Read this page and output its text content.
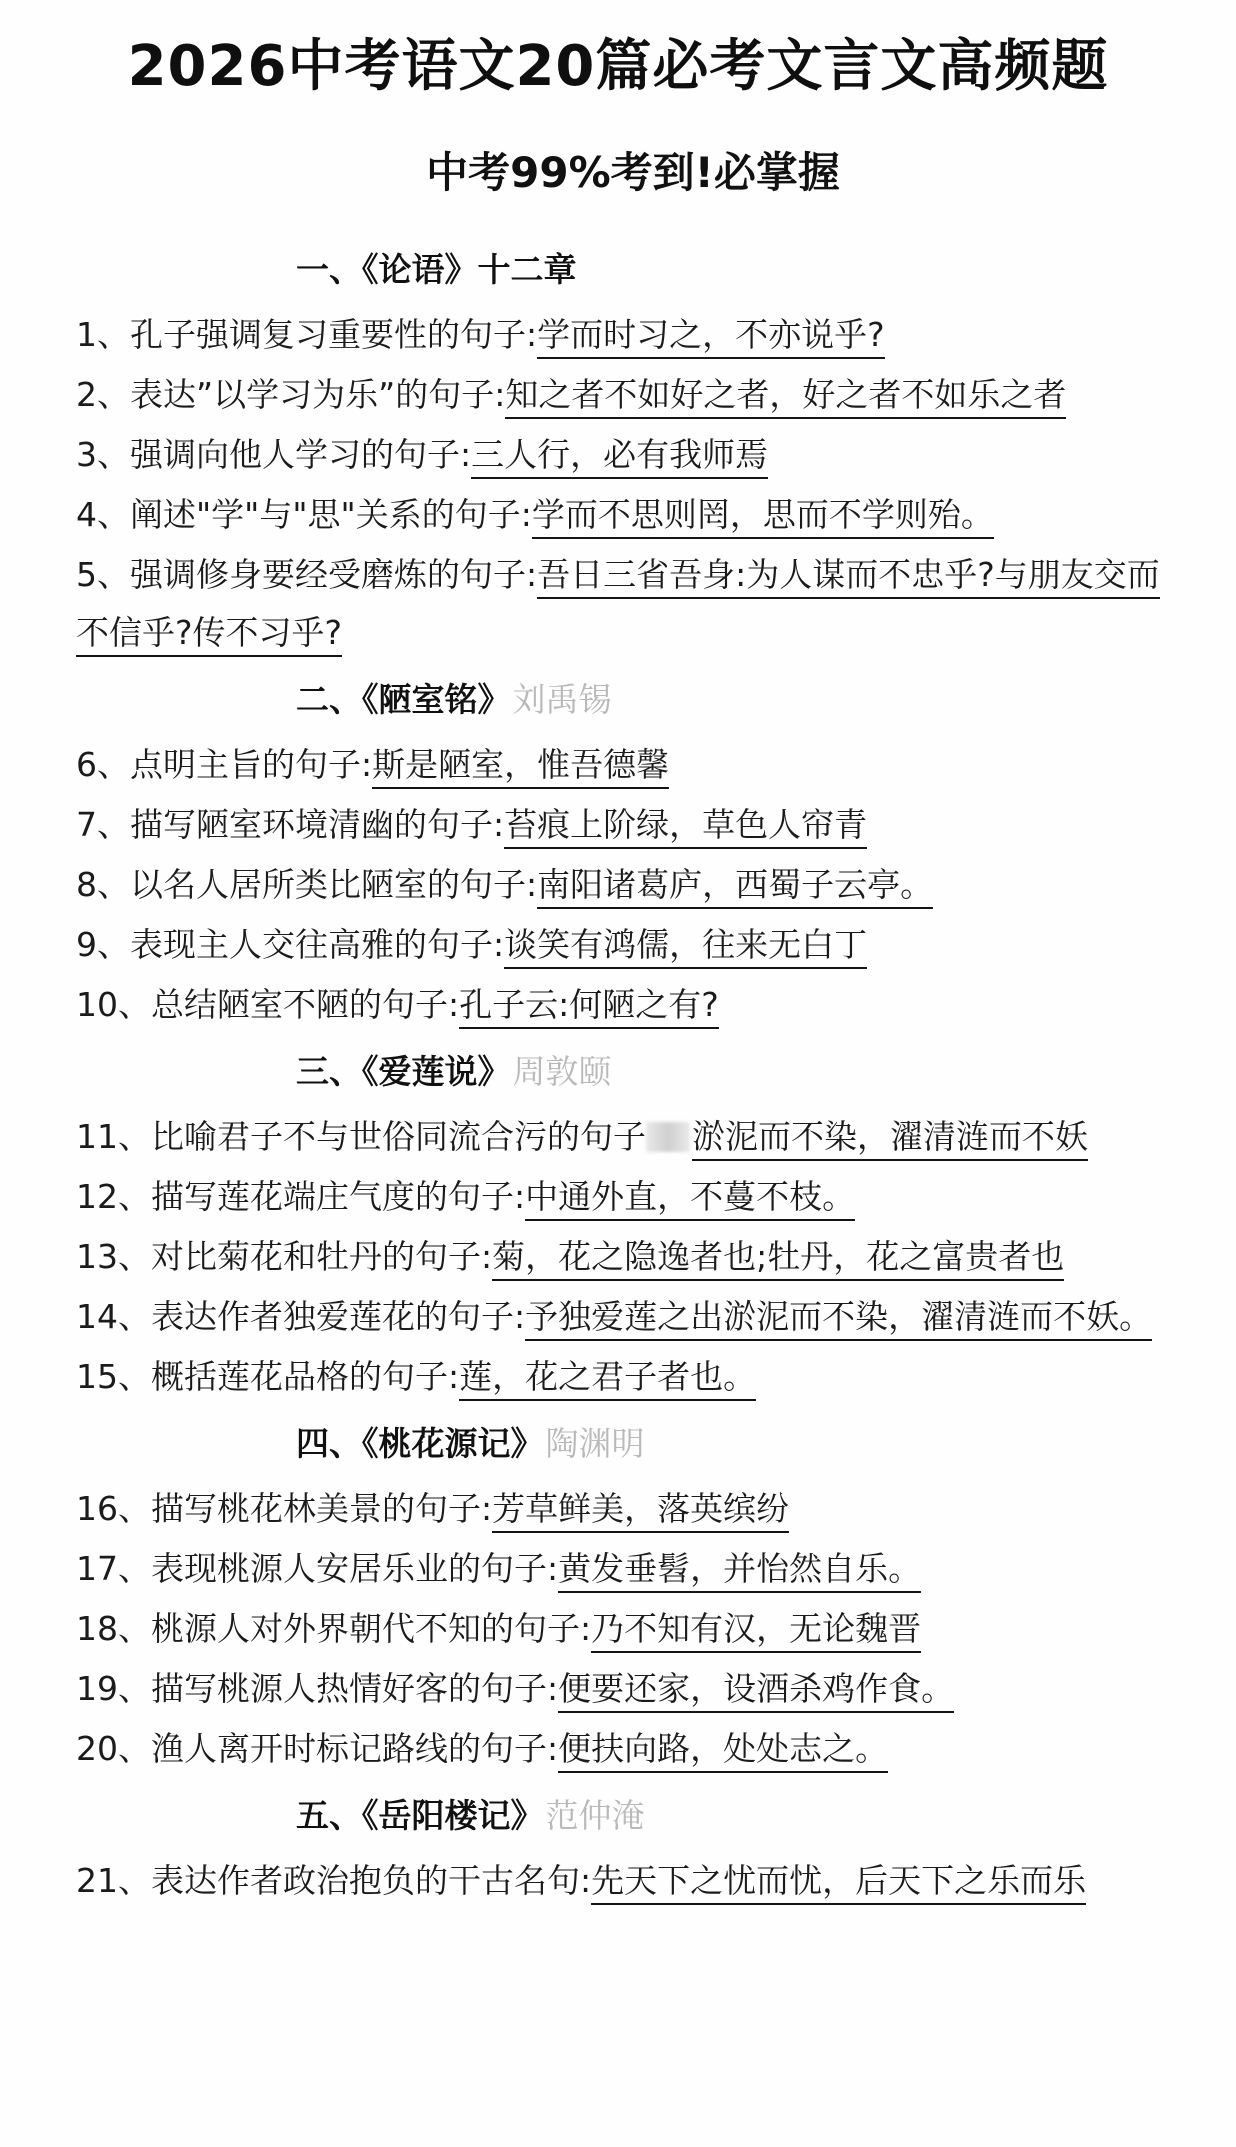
2026中考语文20篇必考文言文高频题
中考99%考到!必掌握
一、《论语》十二章
1、孔子强调复习重要性的句子:学而时习之，不亦说乎?
2、表达”以学习为乐”的句子:知之者不如好之者，好之者不如乐之者
3、强调向他人学习的句子:三人行，必有我师焉
4、阐述"学"与"思"关系的句子:学而不思则罔，思而不学则殆。
5、强调修身要经受磨炼的句子:吾日三省吾身:为人谋而不忠乎?与朋友交而不信乎?传不习乎?
二、《陋室铭》刘禹锡
6、点明主旨的句子:斯是陋室，惟吾德馨
7、描写陋室环境清幽的句子:苔痕上阶绿，草色人帘青
8、以名人居所类比陋室的句子:南阳诸葛庐，西蜀子云亭。
9、表现主人交往高雅的句子:谈笑有鸿儒，往来无白丁
10、总结陋室不陋的句子:孔子云:何陋之有?
三、《爱莲说》周敦颐
11、比喻君子不与世俗同流合污的句子 淤泥而不染，濯清涟而不妖
12、描写莲花端庄气度的句子:中通外直，不蔓不枝。
13、对比菊花和牡丹的句子:菊，花之隐逸者也;牡丹，花之富贵者也
14、表达作者独爱莲花的句子:予独爱莲之出淤泥而不染，濯清涟而不妖。
15、概括莲花品格的句子:莲，花之君子者也。
四、《桃花源记》陶渊明
16、描写桃花林美景的句子:芳草鲜美，落英缤纷
17、表现桃源人安居乐业的句子:黄发垂髫，并怡然自乐。
18、桃源人对外界朝代不知的句子:乃不知有汉，无论魏晋
19、描写桃源人热情好客的句子:便要还家，设酒杀鸡作食。
20、渔人离开时标记路线的句子:便扶向路，处处志之。
五、《岳阳楼记》范仲淹
21、表达作者政治抱负的干古名句:先天下之忧而忧，后天下之乐而乐
